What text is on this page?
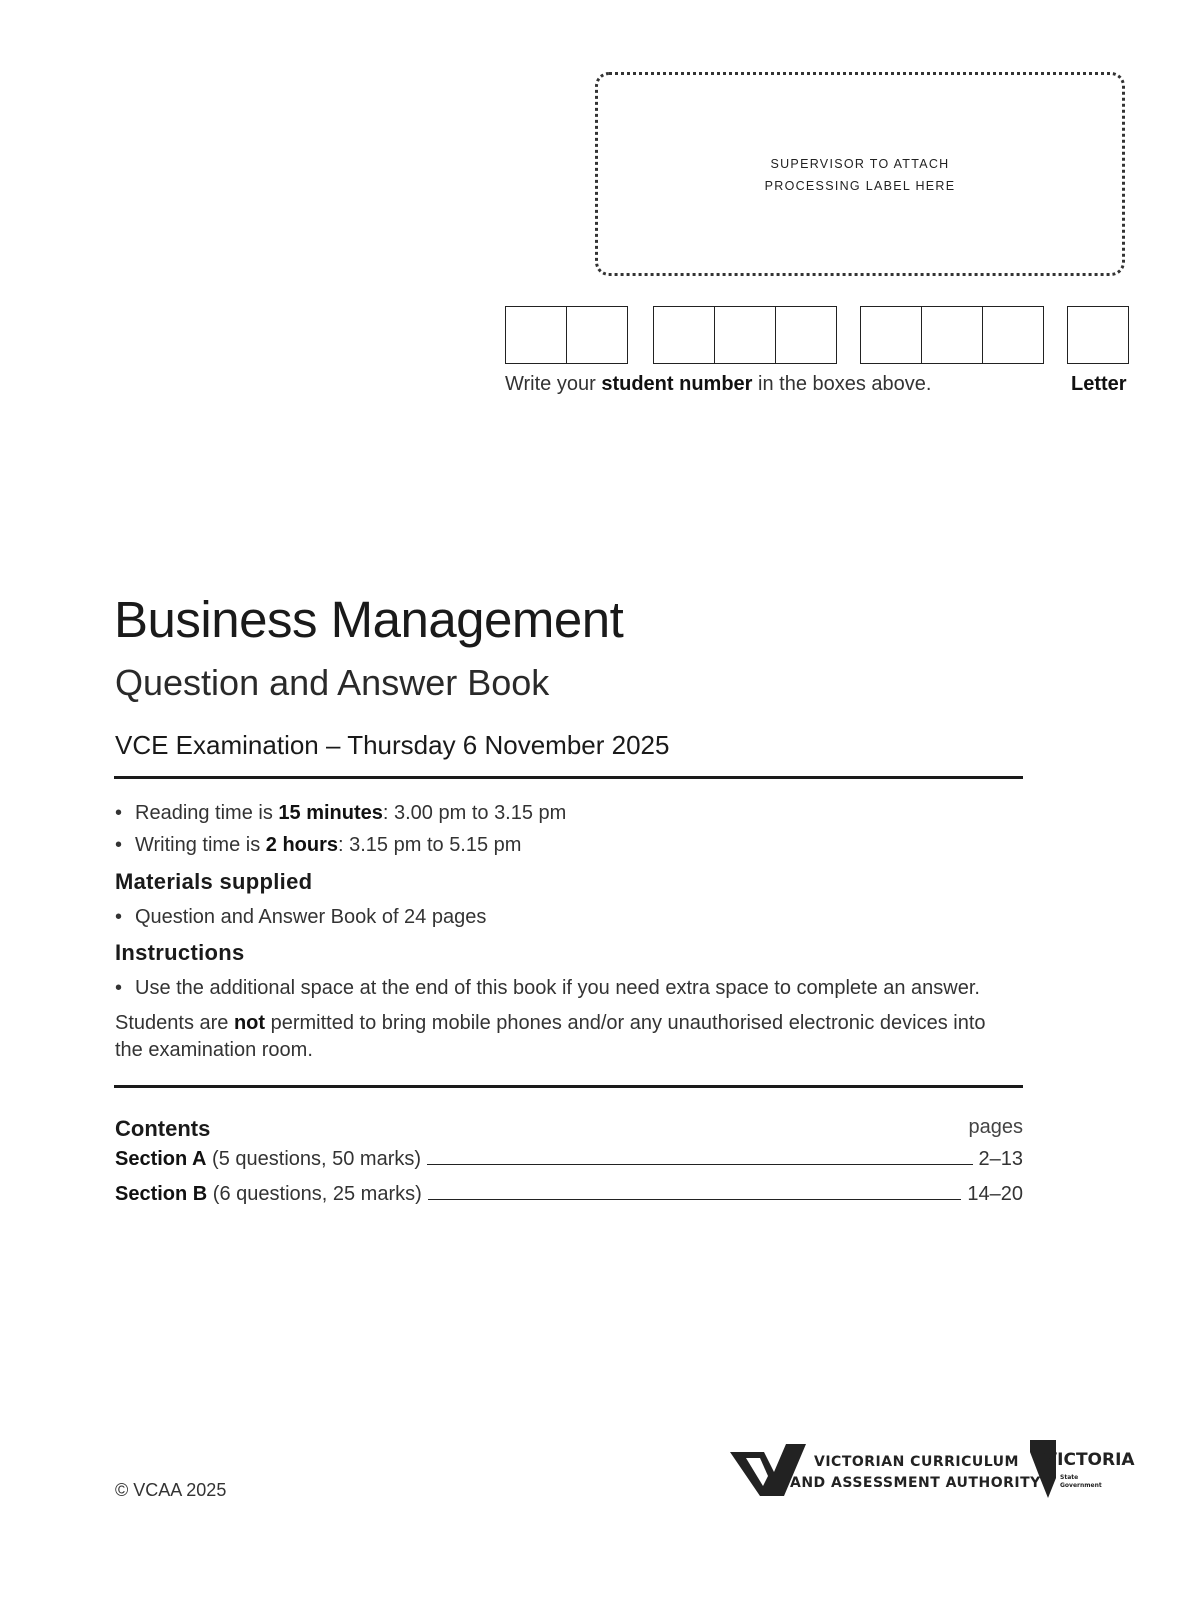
SUPERVISOR TO ATTACH
PROCESSING LABEL HERE
Write your student number in the boxes above.	Letter
Business Management
Question and Answer Book
VCE Examination – Thursday 6 November 2025
• Reading time is 15 minutes: 3.00 pm to 3.15 pm
• Writing time is 2 hours: 3.15 pm to 5.15 pm
Materials supplied
• Question and Answer Book of 24 pages
Instructions
• Use the additional space at the end of this book if you need extra space to complete an answer.
Students are not permitted to bring mobile phones and/or any unauthorised electronic devices into the examination room.
Contents	pages
Section A (5 questions, 50 marks)	2–13
Section B (6 questions, 25 marks)	14–20
© VCAA 2025
VICTORIAN CURRICULUM
AND ASSESSMENT AUTHORITY
VICTORIA
State
Government
